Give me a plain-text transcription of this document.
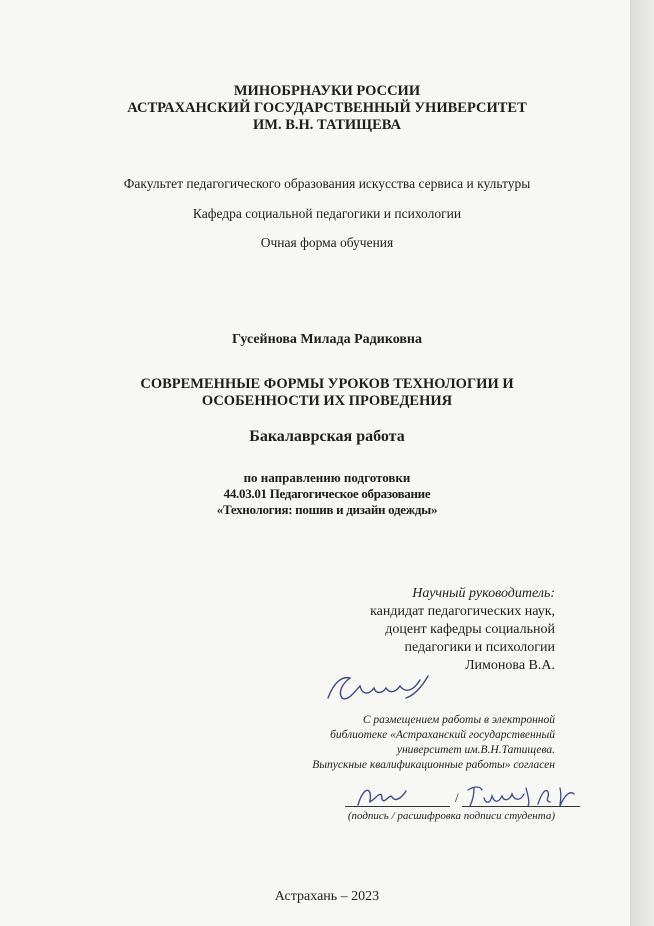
МИНОБРНАУКИ РОССИИ
АСТРАХАНСКИЙ ГОСУДАРСТВЕННЫЙ УНИВЕРСИТЕТ
ИМ. В.Н. ТАТИЩЕВА
Факультет педагогического образования искусства сервиса и культуры
Кафедра социальной педагогики и психологии
Очная форма обучения
Гусейнова Милада Радиковна
СОВРЕМЕННЫЕ ФОРМЫ УРОКОВ ТЕХНОЛОГИИ И
ОСОБЕННОСТИ ИХ ПРОВЕДЕНИЯ
Бакалаврская работа
по направлению подготовки
44.03.01 Педагогическое образование
«Технология: пошив и дизайн одежды»
Научный руководитель:
кандидат педагогических наук,
доцент кафедры социальной
педагогики и психологии
Лимонова В.А.
С размещением работы в электронной
библиотеке «Астраханский государственный
университет им.В.Н.Татищева.
Выпускные квалификационные работы» согласен
/
(подпись / расшифровка подписи студента)
Астрахань – 2023
